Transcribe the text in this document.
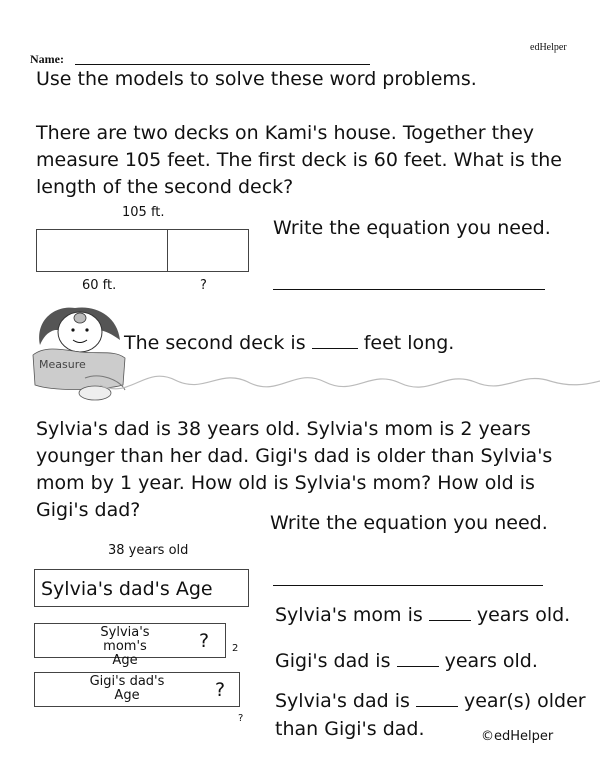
edHelper
Name:
Use the models to solve these word problems.
There are two decks on Kami's house. Together they
measure 105 feet. The first deck is 60 feet. What is the
length of the second deck?
105 ft.
60 ft.	?
Write the equation you need.
Measure
The second deck is	feet long.
Sylvia's dad is 38 years old. Sylvia's mom is 2 years
younger than her dad. Gigi's dad is older than Sylvia's
mom by 1 year. How old is Sylvia's mom? How old is
Gigi's dad?
Write the equation you need.
38 years old
Sylvia's dad's Age
Sylvia's mom's
Age
? 2
Gigi's dad's
Age	?
?
Sylvia's mom is	years old.
Gigi's dad is	years old.
Sylvia's dad is	year(s) older
than Gigi's dad.	©edHelper
